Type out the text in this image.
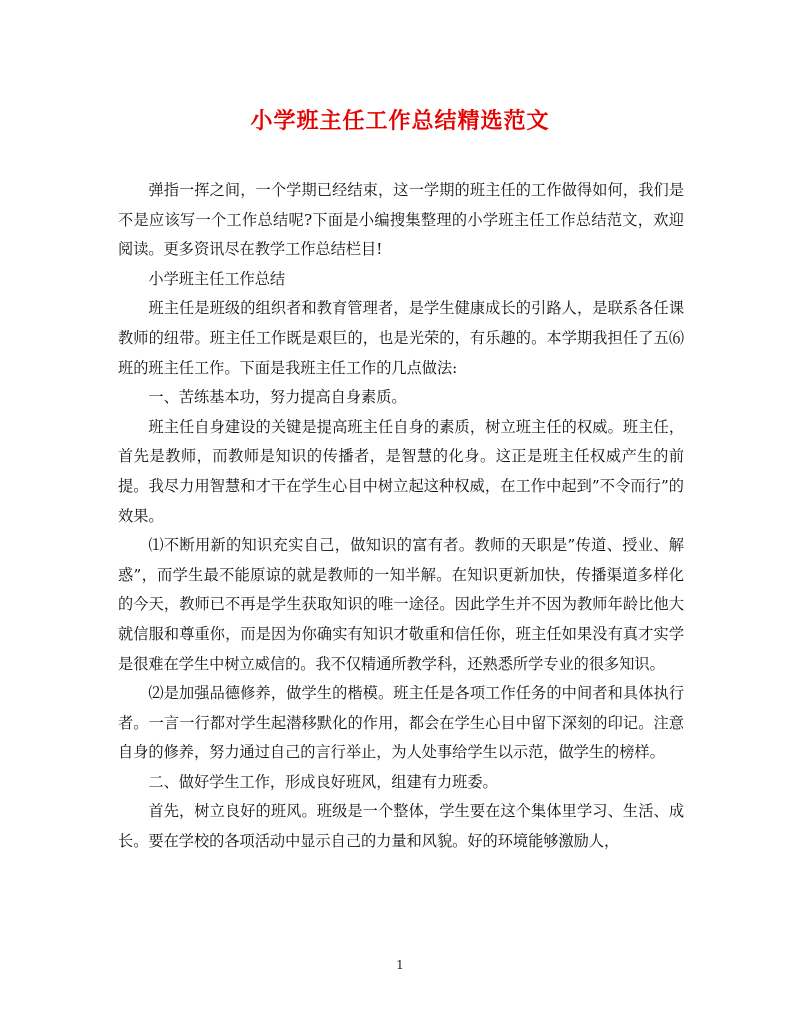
小学班主任工作总结精选范文

弹指一挥之间，一个学期已经结束，这一学期的班主任的工作做得如何，我们是不是应该写一个工作总结呢?下面是小编搜集整理的小学班主任工作总结范文，欢迎阅读。更多资讯尽在教学工作总结栏目!

小学班主任工作总结

班主任是班级的组织者和教育管理者，是学生健康成长的引路人，是联系各任课教师的纽带。班主任工作既是艰巨的，也是光荣的，有乐趣的。本学期我担任了五⑹班的班主任工作。下面是我班主任工作的几点做法:

一、苦练基本功，努力提高自身素质。

班主任自身建设的关键是提高班主任自身的素质，树立班主任的权威。班主任，首先是教师，而教师是知识的传播者，是智慧的化身。这正是班主任权威产生的前提。我尽力用智慧和才干在学生心目中树立起这种权威，在工作中起到”不令而行”的效果。

⑴不断用新的知识充实自己，做知识的富有者。教师的天职是”传道、授业、解惑”，而学生最不能原谅的就是教师的一知半解。在知识更新加快，传播渠道多样化的今天，教师已不再是学生获取知识的唯一途径。因此学生并不因为教师年龄比他大就信服和尊重你，而是因为你确实有知识才敬重和信任你，班主任如果没有真才实学是很难在学生中树立威信的。我不仅精通所教学科，还熟悉所学专业的很多知识。

⑵是加强品德修养，做学生的楷模。班主任是各项工作任务的中间者和具体执行者。一言一行都对学生起潜移默化的作用，都会在学生心目中留下深刻的印记。注意自身的修养，努力通过自己的言行举止，为人处事给学生以示范，做学生的榜样。

二、做好学生工作，形成良好班风，组建有力班委。

首先，树立良好的班风。班级是一个整体，学生要在这个集体里学习、生活、成长。要在学校的各项活动中显示自己的力量和风貌。好的环境能够激励人，

1
